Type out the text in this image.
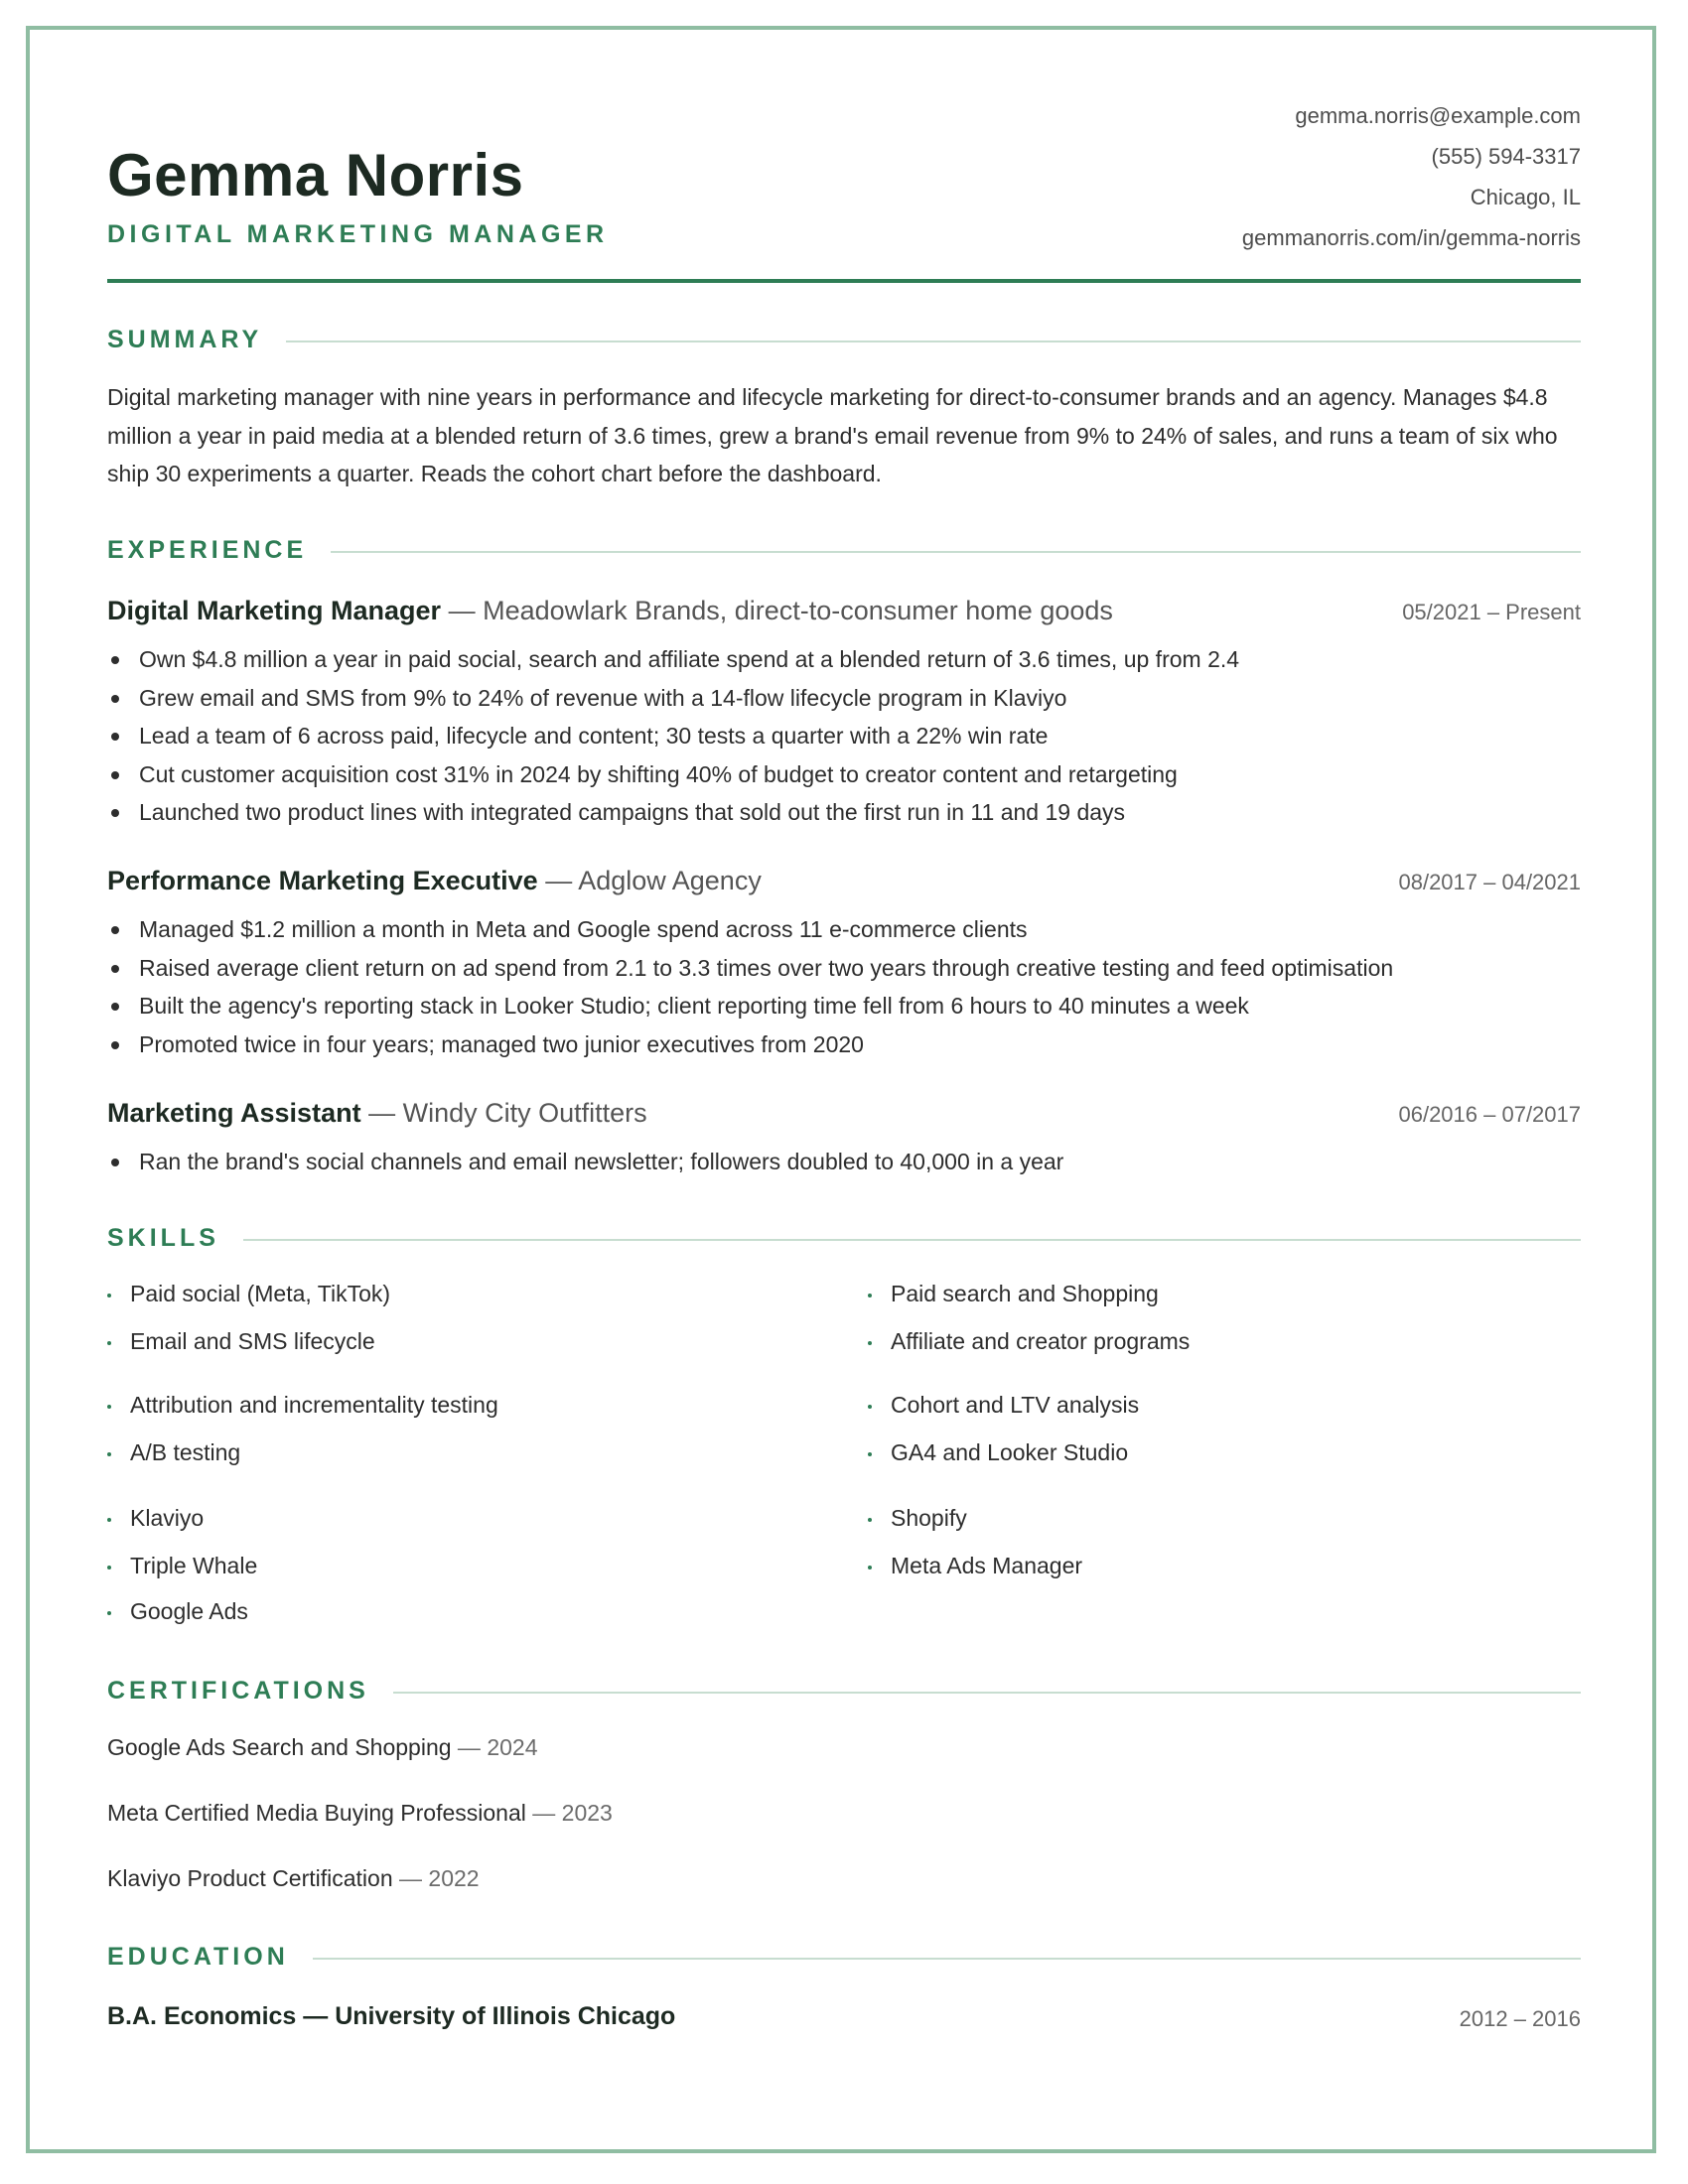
Gemma Norris
DIGITAL MARKETING MANAGER
gemma.norris@example.com
(555) 594-3317
Chicago, IL
gemmanorris.com/in/gemma-norris
SUMMARY
Digital marketing manager with nine years in performance and lifecycle marketing for direct-to-consumer brands and an agency. Manages $4.8 million a year in paid media at a blended return of 3.6 times, grew a brand's email revenue from 9% to 24% of sales, and runs a team of six who ship 30 experiments a quarter. Reads the cohort chart before the dashboard.
EXPERIENCE
Digital Marketing Manager — Meadowlark Brands, direct-to-consumer home goods	05/2021 – Present
Own $4.8 million a year in paid social, search and affiliate spend at a blended return of 3.6 times, up from 2.4
Grew email and SMS from 9% to 24% of revenue with a 14-flow lifecycle program in Klaviyo
Lead a team of 6 across paid, lifecycle and content; 30 tests a quarter with a 22% win rate
Cut customer acquisition cost 31% in 2024 by shifting 40% of budget to creator content and retargeting
Launched two product lines with integrated campaigns that sold out the first run in 11 and 19 days
Performance Marketing Executive — Adglow Agency	08/2017 – 04/2021
Managed $1.2 million a month in Meta and Google spend across 11 e-commerce clients
Raised average client return on ad spend from 2.1 to 3.3 times over two years through creative testing and feed optimisation
Built the agency's reporting stack in Looker Studio; client reporting time fell from 6 hours to 40 minutes a week
Promoted twice in four years; managed two junior executives from 2020
Marketing Assistant — Windy City Outfitters	06/2016 – 07/2017
Ran the brand's social channels and email newsletter; followers doubled to 40,000 in a year
SKILLS
Paid social (Meta, TikTok)	Paid search and Shopping
Email and SMS lifecycle	Affiliate and creator programs
Attribution and incrementality testing	Cohort and LTV analysis
A/B testing	GA4 and Looker Studio
Klaviyo	Shopify
Triple Whale	Meta Ads Manager
Google Ads
CERTIFICATIONS
Google Ads Search and Shopping — 2024
Meta Certified Media Buying Professional — 2023
Klaviyo Product Certification — 2022
EDUCATION
B.A. Economics — University of Illinois Chicago	2012 – 2016
